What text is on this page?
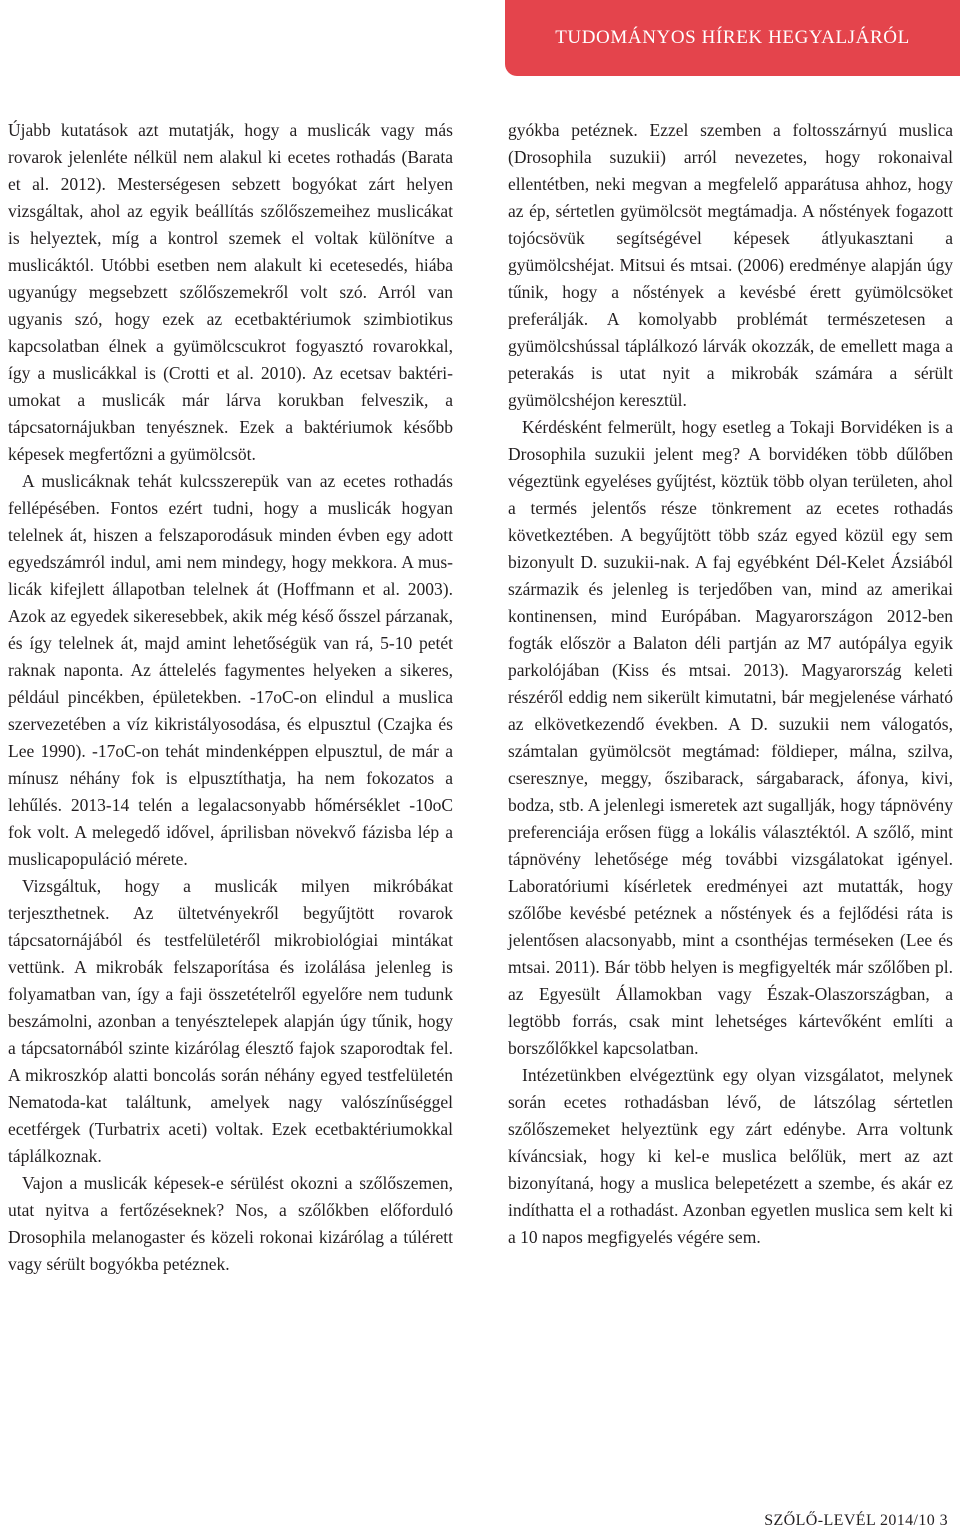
TUDOMÁNYOS HÍREK HEGYALJÁRÓL

Újabb kutatások azt mutatják, hogy a muslicák vagy más rovarok jelenléte nélkül nem alakul ki ecetes rothadás (Barata et al. 2012). Mesterségesen sebzett bogyókat zárt helyen vizsgáltak, ahol az egyik beállítás szőlőszemeihez muslicákat is helyeztek, míg a kontrol szemek el voltak különítve a muslicáktól. Utóbbi esetben nem alakult ki ecetesedés, hiába ugyanúgy megsebzett szőlőszemekről volt szó. Arról van ugyanis szó, hogy ezek az ecetbaktériumok szimbiotikus kapcsolatban élnek a gyümölcscukrot fogyasztó rovarokkal, így a muslicákkal is (Crotti et al. 2010). Az ecetsav baktériumokat a muslicák már lárva korukban felveszik, a tápcsatornájukban tenyésznek. Ezek a baktériumok később képesek megfertőzni a gyümölcsöt.

A muslicáknak tehát kulcsszerepük van az ecetes rothadás fellépésében. Fontos ezért tudni, hogy a muslicák hogyan telelnek át, hiszen a felszaporodásuk minden évben egy adott egyedszámról indul, ami nem mindegy, hogy mekkora. A muslicák kifejlett állapotban telelnek át (Hoffmann et al. 2003). Azok az egyedek sikeresebbek, akik még késő ősszel párzanak, és így telelnek át, majd amint lehetőségük van rá, 5-10 petét raknak naponta. Az áttelelés fagymentes helyeken a sikeres, például pincékben, épületekben. -17oC-on elindul a muslica szervezetében a víz kikristályosodása, és elpusztul (Czajka és Lee 1990). -17oC-on tehát mindenképpen elpusztul, de már a mínusz néhány fok is elpusztíthatja, ha nem fokozatos a lehűlés. 2013-14 telén a legalacsonyabb hőmérséklet -10oC fok volt. A melegedő idővel, áprilisban növekvő fázisba lép a muslicapopuláció mérete.

Vizsgáltuk, hogy a muslicák milyen mikróbákat terjeszthetnek. Az ültetvényekről begyűjtött rovarok tápcsatornájából és testfelületéről mikrobiológiai mintákat vettünk. A mikrobák felszaporítása és izolálása jelenleg is folyamatban van, így a faji összetételről egyelőre nem tudunk beszámolni, azonban a tenyésztelepek alapján úgy tűnik, hogy a tápcsatornából szinte kizárólag élesztő fajok szaporodtak fel. A mikroszkóp alatti boncolás során néhány egyed testfelületén Nematoda-kat találtunk, amelyek nagy valószínűséggel ecetférgek (Turbatrix aceti) voltak. Ezek ecetbaktériumokkal táplálkoznak.

Vajon a muslicák képesek-e sérülést okozni a szőlőszemen, utat nyitva a fertőzéseknek? Nos, a szőlőkben előforduló Drosophila melanogaster és közeli rokonai kizárólag a túlérett vagy sérült bogyókba petéznek.

gyókba petéznek. Ezzel szemben a foltosszárnyú muslica (Drosophila suzukii) arról nevezetes, hogy rokonaival ellentétben, neki megvan a megfelelő apparátusa ahhoz, hogy az ép, sértetlen gyümölcsöt megtámadja. A nőstények fogazott tojócsövük segítségével képesek átlyukasztani a gyümölcshéjat. Mitsui és mtsai. (2006) eredménye alapján úgy tűnik, hogy a nőstények a kevésbé érett gyümölcsöket preferálják. A komolyabb problémát természetesen a gyümölcshússal táplálkozó lárvák okozzák, de emellett maga a peterakás is utat nyit a mikrobák számára a sérült gyümölcshéjon keresztül.

Kérdésként felmerült, hogy esetleg a Tokaji Borvidéken is a Drosophila suzukii jelent meg? A borvidéken több dűlőben végeztünk egyeléses gyűjtést, köztük több olyan területen, ahol a termés jelentős része tönkrement az ecetes rothadás következtében. A begyűjtött több száz egyed közül egy sem bizonyult D. suzukii-nak. A faj egyébként Dél-Kelet Ázsiából származik és jelenleg is terjedőben van, mind az amerikai kontinensen, mind Európában. Magyarországon 2012-ben fogták először a Balaton déli partján az M7 autópálya egyik parkolójában (Kiss és mtsai. 2013). Magyarország keleti részéről eddig nem sikerült kimutatni, bár megjelenése várható az elkövetkezendő években. A D. suzukii nem válogatós, számtalan gyümölcsöt megtámad: földieper, málna, szilva, cseresznye, meggy, őszibarack, sárgabarack, áfonya, kivi, bodza, stb. A jelenlegi ismeretek azt sugallják, hogy tápnövény preferenciája erősen függ a lokális választéktól. A szőlő, mint tápnövény lehetősége még további vizsgálatokat igényel. Laboratóriumi kísérletek eredményei azt mutatták, hogy szőlőbe kevésbé petéznek a nőstények és a fejlődési ráta is jelentősen alacsonyabb, mint a csonthéjas terméseken (Lee és mtsai. 2011). Bár több helyen is megfigyelték már szőlőben pl. az Egyesült Államokban vagy Észak-Olaszországban, a legtöbb forrás, csak mint lehetséges kártevőként említi a borszőlőkkel kapcsolatban.

Intézetünkben elvégeztünk egy olyan vizsgálatot, melynek során ecetes rothadásban lévő, de látszólag sértetlen szőlőszemeket helyeztünk egy zárt edénybe. Arra voltunk kíváncsiak, hogy ki kel-e muslica belőlük, mert az azt bizonyítaná, hogy a muslica belepetézett a szembe, és akár ez indíthatta el a rothadást. Azonban egyetlen muslica sem kelt ki a 10 napos megfigyelés végére sem.

SZŐLŐ-LEVÉL 2014/10 3
